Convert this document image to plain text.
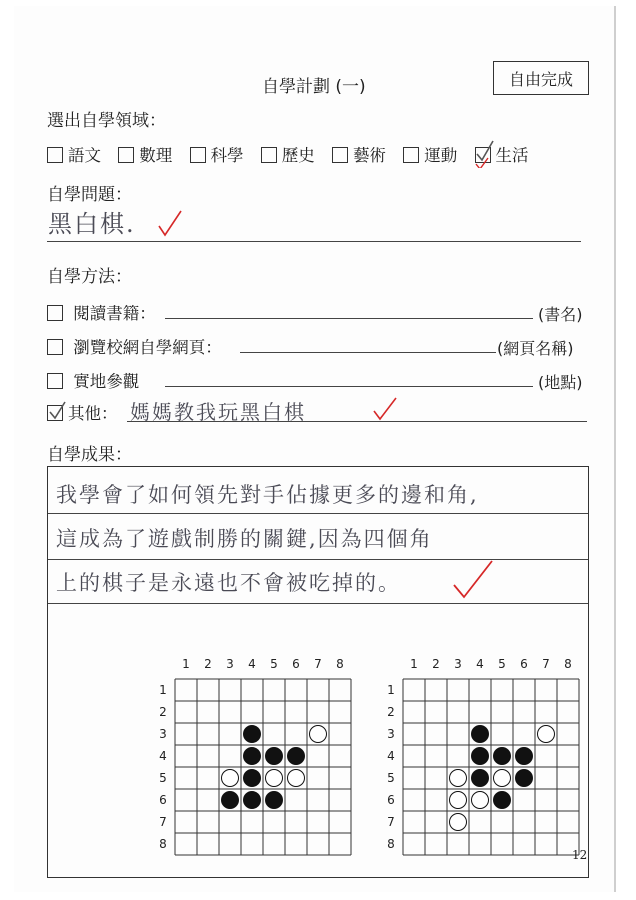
自學計劃 (一)	自由完成
選出自學領域：
語文 數理 科學 歷史 藝術 運動 生活
自學問題：
黑白棋.
自學方法：
閱讀書籍：	(書名)
瀏覽校網自學網頁：	(網頁名稱)
實地參觀	(地點)
其他： 媽媽教我玩黑白棋
自學成果：
我學會了如何領先對手佔據更多的邊和角,
這成為了遊戲制勝的關鍵,因為四個角
上的棋子是永遠也不會被吃掉的。
1	2	3	4	5	6	7	8
1
2
3
4
5
6
7
8
1	2	3	4	5	6	7	8
1
2
3
4
5
6
7
8
12
